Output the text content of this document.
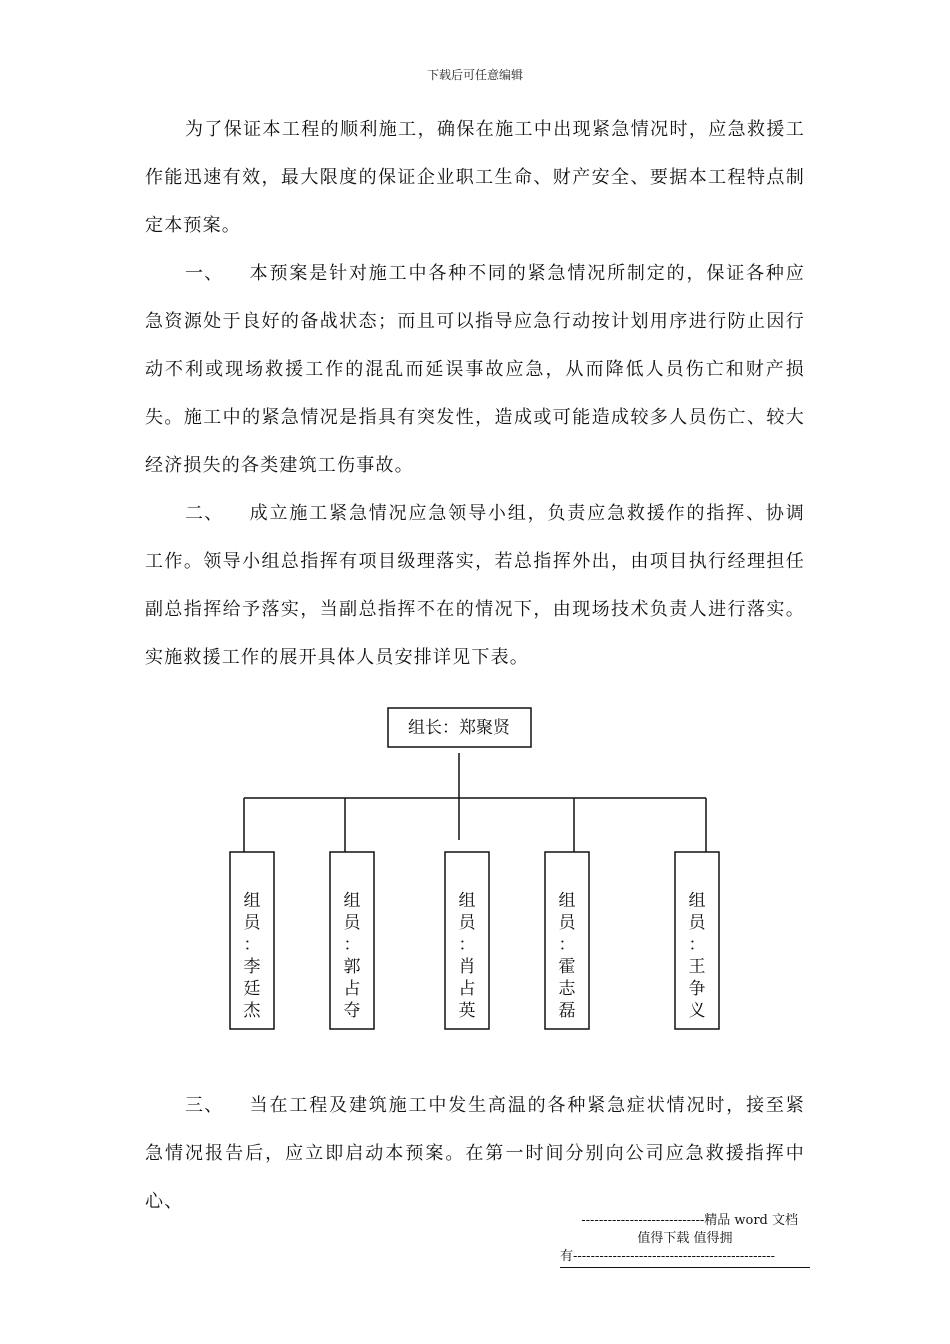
下载后可任意编辑

为了保证本工程的顺利施工，确保在施工中出现紧急情况时，应急救援工作能迅速有效，最大限度的保证企业职工生命、财产安全、要据本工程特点制定本预案。

一、 本预案是针对施工中各种不同的紧急情况所制定的，保证各种应急资源处于良好的备战状态；而且可以指导应急行动按计划用序进行防止因行动不利或现场救援工作的混乱而延误事故应急，从而降低人员伤亡和财产损失。施工中的紧急情况是指具有突发性，造成或可能造成较多人员伤亡、较大经济损失的各类建筑工伤事故。

二、 成立施工紧急情况应急领导小组，负责应急救援作的指挥、协调工作。领导小组总指挥有项目级理落实，若总指挥外出，由项目执行经理担任副总指挥给予落实，当副总指挥不在的情况下，由现场技术负责人进行落实。实施救援工作的展开具体人员安排详见下表。

组长：郑聚贤
组
员
：
李
廷
杰
组
员
：
郭
占
夺
组
员
：
肖
占
英
组
员
：
霍
志
磊
组
员
：
王
争
义

三、 当在工程及建筑施工中发生高温的各种紧急症状情况时，接至紧急情况报告后，应立即启动本预案。在第一时间分别向公司应急救援指挥中心、

----------------------------精品 word 文档
值得下载 值得拥
有----------------------------------------------
